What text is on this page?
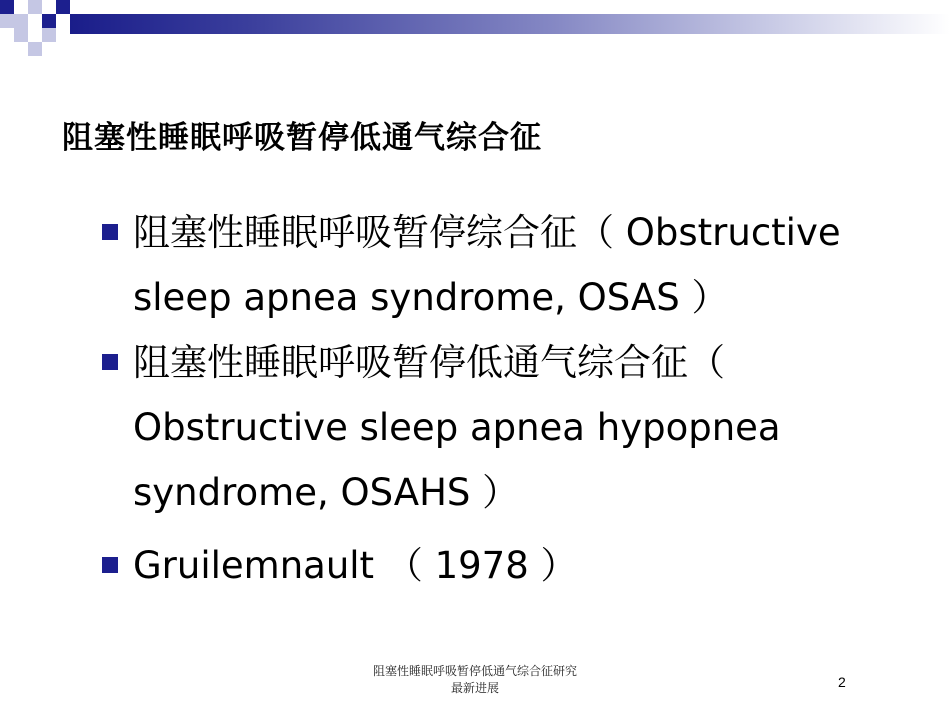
阻塞性睡眠呼吸暂停低通气综合征
阻塞性睡眠呼吸暂停综合征（ Obstructive sleep apnea syndrome, OSAS ）
阻塞性睡眠呼吸暂停低通气综合征（ Obstructive sleep apnea hypopnea syndrome, OSAHS ）
Gruilemnault （ 1978 ）
阻塞性睡眠呼吸暂停低通气综合征研究
最新进展	2
